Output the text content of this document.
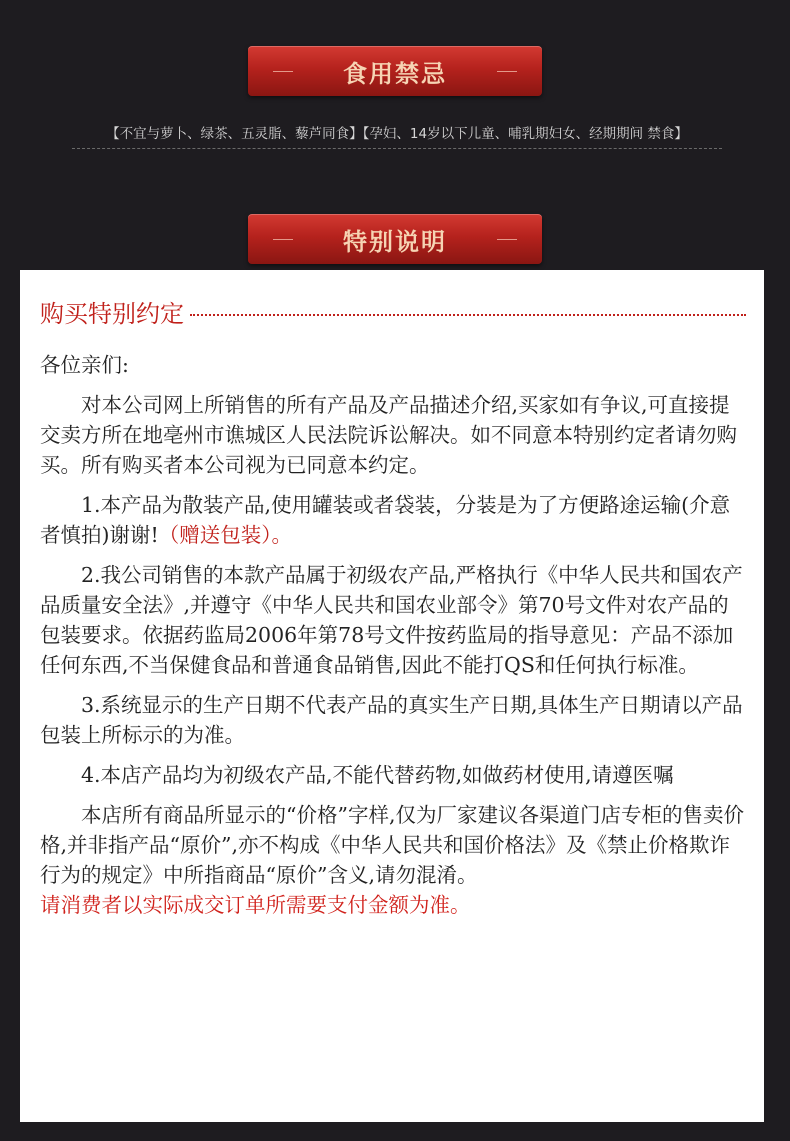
食用禁忌
【不宜与萝卜、绿茶、五灵脂、藜芦同食】【孕妇、14岁以下儿童、哺乳期妇女、经期期间 禁食】
特别说明
购买特别约定

各位亲们:

对本公司网上所销售的所有产品及产品描述介绍,买家如有争议,可直接提交卖方所在地亳州市谯城区人民法院诉讼解决。如不同意本特别约定者请勿购买。所有购买者本公司视为已同意本约定。

1.本产品为散装产品,使用罐装或者袋装，分装是为了方便路途运输(介意者慎拍)谢谢!（赠送包装）。

2.我公司销售的本款产品属于初级农产品,严格执行《中华人民共和国农产品质量安全法》,并遵守《中华人民共和国农业部令》第70号文件对农产品的包装要求。依据药监局2006年第78号文件按药监局的指导意见：产品不添加任何东西,不当保健食品和普通食品销售,因此不能打QS和任何执行标准。

3.系统显示的生产日期不代表产品的真实生产日期,具体生产日期请以产品包装上所标示的为准。

4.本店产品均为初级农产品,不能代替药物,如做药材使用,请遵医嘱

本店所有商品所显示的“价格”字样,仅为厂家建议各渠道门店专柜的售卖价格,并非指产品“原价”,亦不构成《中华人民共和国价格法》及《禁止价格欺诈行为的规定》中所指商品“原价”含义,请勿混淆。

请消费者以实际成交订单所需要支付金额为准。
